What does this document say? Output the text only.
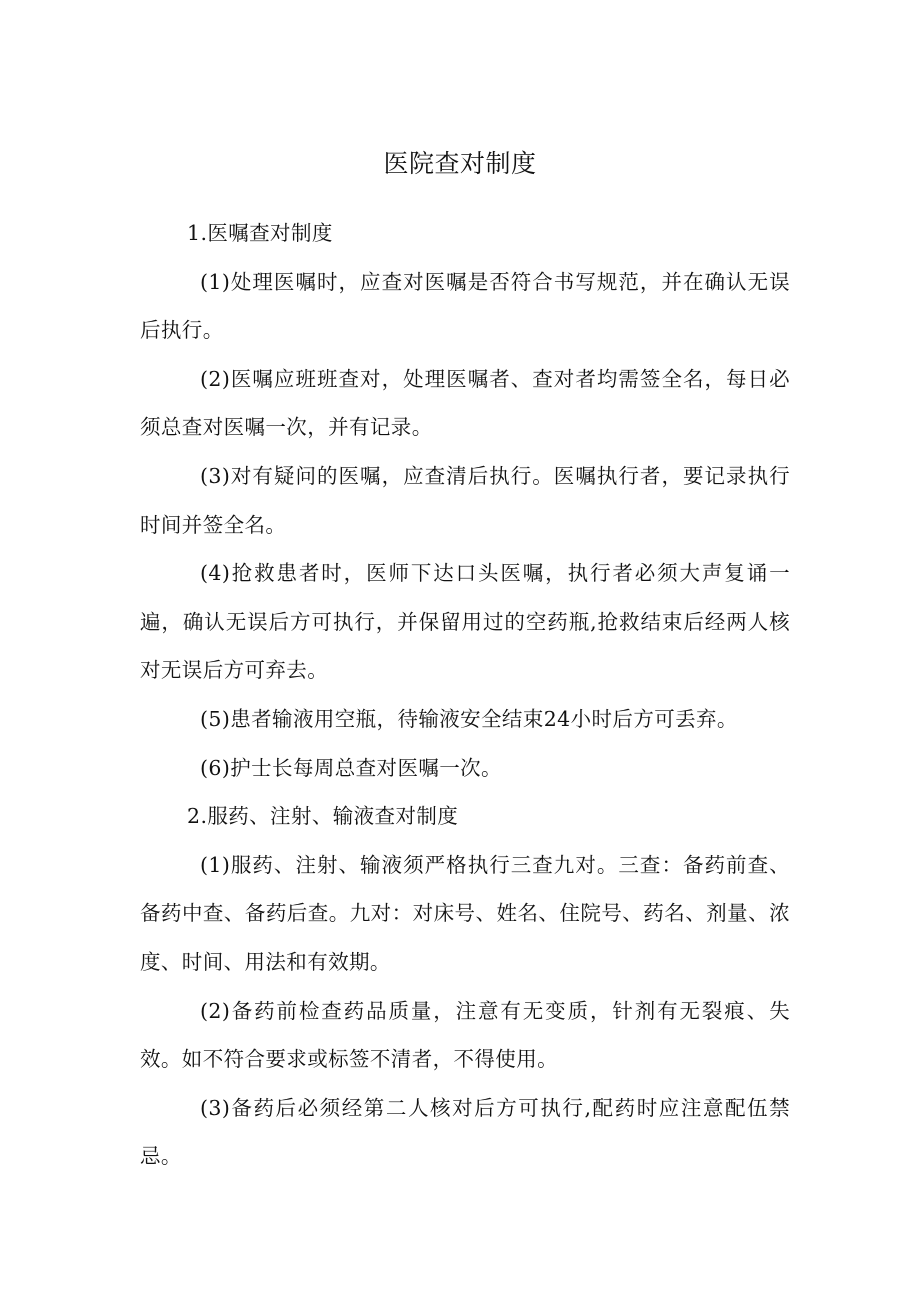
医院查对制度

1.医嘱查对制度

(1)处理医嘱时，应查对医嘱是否符合书写规范，并在确认无误后执行。

(2)医嘱应班班查对，处理医嘱者、查对者均需签全名，每日必须总查对医嘱一次，并有记录。

(3)对有疑问的医嘱，应查清后执行。医嘱执行者，要记录执行时间并签全名。

(4)抢救患者时，医师下达口头医嘱，执行者必须大声复诵一遍，确认无误后方可执行，并保留用过的空药瓶,抢救结束后经两人核对无误后方可弃去。

(5)患者输液用空瓶，待输液安全结束24小时后方可丢弃。

(6)护士长每周总查对医嘱一次。

2.服药、注射、输液查对制度

(1)服药、注射、输液须严格执行三查九对。三查：备药前查、备药中查、备药后查。九对：对床号、姓名、住院号、药名、剂量、浓度、时间、用法和有效期。

(2)备药前检查药品质量，注意有无变质，针剂有无裂痕、失效。如不符合要求或标签不清者，不得使用。

(3)备药后必须经第二人核对后方可执行,配药时应注意配伍禁忌。
